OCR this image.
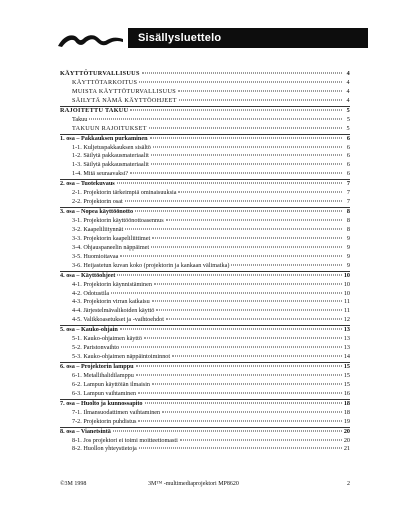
Sisällysluettelo
KÄYTTÖTURVALLISUUS	4
KÄYTTÖTARKOITUS	4
MUISTA KÄYTTÖTURVALLISUUS	4
SÄILYTÄ NÄMÄ KÄYTTÖOHJEET	4
RAJOITETTU TAKUU	5
Takuu	5
TAKUUN RAJOITUKSET	5
1. osa – Pakkauksen purkaminen	6
1-1. Kuljetuspakkauksen sisältö	6
1-2. Säilytä pakkausmateriaalit	6
1-3. Säilytä pakkausmateriaalit	6
1-4. Mitä seuraavaksi?	6
2. osa – Tuotekuvaus	7
2-1. Projektorin tärkeimpiä ominaisuuksia	7
2-2. Projektorin osat	7
3. osa – Nopea käyttöönotto	8
3-1. Projektorin käyttöönottoasennus	8
3-2. Kaapeliliitynnät	8
3-3. Projektorin kaapeliliittimet	9
3-4. Ohjauspaneelin näppäimet	9
3-5. Huomioitavaa	9
3-6. Heijastetun kuvan koko (projektorin ja kankaan välimatka)	9
4. osa – Käyttöohjeet	10
4-1. Projektorin käynnistäminen	10
4-2. Odotustila	10
4-3. Projektorin virran katkaisu	11
4-4. Järjestelmävalikoiden käyttö	11
4-5. Valikkoasetukset ja -vaihtoehdot	12
5. osa – Kauko-ohjain	13
5-1. Kauko-ohjaimen käyttö	13
5-2. Paristonvaihto	13
5-3. Kauko-ohjaimen näppäintoiminnot	14
6. osa – Projektorin lamppu	15
6-1. Metallihalidilamppu	15
6-2. Lampun käyttöiän ilmaisin	15
6-3. Lampun vaihtaminen	16
7. osa – Huolto ja kunnossapito	18
7-1. Ilmansuodattimen vaihtaminen	18
7-2. Projektorin puhdistus	19
8. osa – Vianetsintä	20
8-1. Jos projektori ei toimi moitteettomasti	20
8-2. Huollon yhteystietoja	21
©3M 1998	3M™ -multimediaprojektori MP8620	2
